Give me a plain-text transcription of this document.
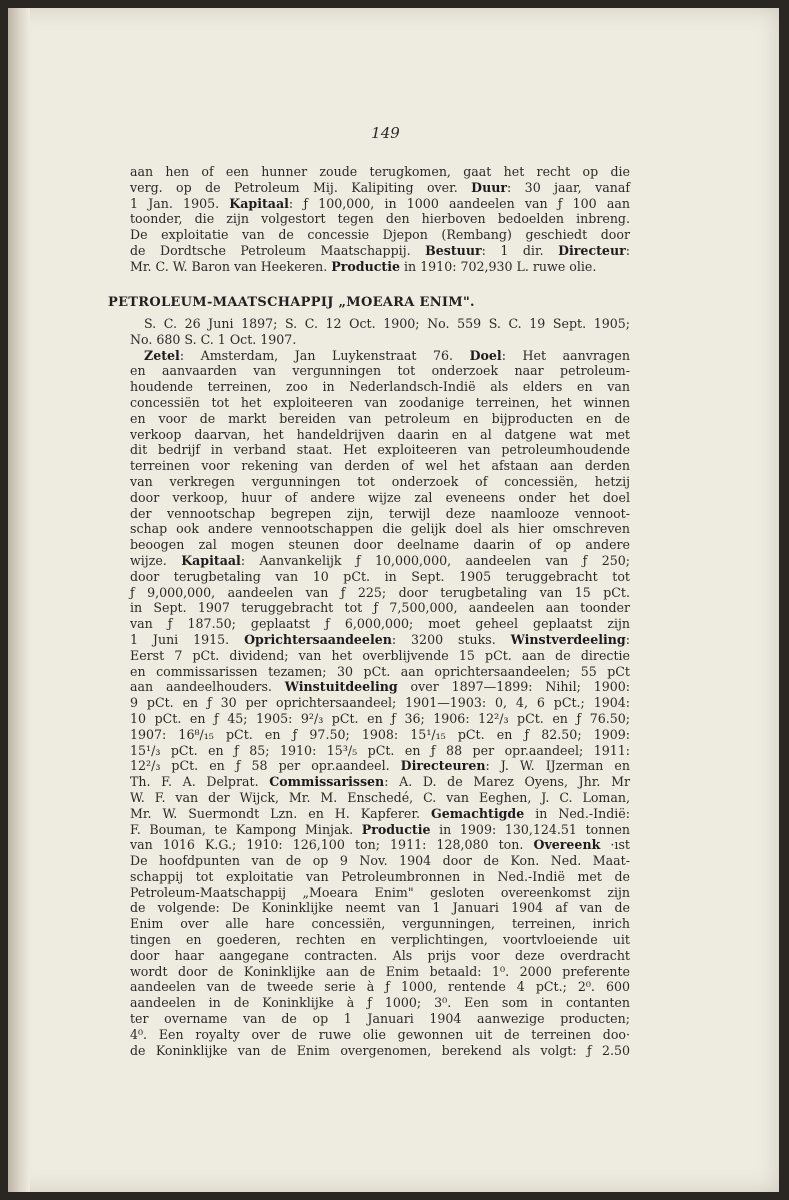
149
aan hen of een hunner zoude terugkomen, gaat het recht op die
verg. op de Petroleum Mij. Kalipiting over. Duur: 30 jaar, vanaf
1 Jan. 1905. Kapitaal: ƒ 100,000, in 1000 aandeelen van ƒ 100 aan
toonder, die zijn volgestort tegen den hierboven bedoelden inbreng.
De exploitatie van de concessie Djepon (Rembang) geschiedt door
de Dordtsche Petroleum Maatschappij. Bestuur: 1 dir. Directeur:
Mr. C. W. Baron van Heekeren. Productie in 1910: 702,930 L. ruwe olie.
PETROLEUM-MAATSCHAPPIJ „MOEARA ENIM".
S. C. 26 Juni 1897; S. C. 12 Oct. 1900; No. 559 S. C. 19 Sept. 1905;
No. 680 S. C. 1 Oct. 1907.
Zetel: Amsterdam, Jan Luykenstraat 76. Doel: Het aanvragen
en aanvaarden van vergunningen tot onderzoek naar petroleum-
houdende terreinen, zoo in Nederlandsch-Indië als elders en van
concessiën tot het exploiteeren van zoodanige terreinen, het winnen
en voor de markt bereiden van petroleum en bijproducten en de
verkoop daarvan, het handeldrijven daarin en al datgene wat met
dit bedrijf in verband staat. Het exploiteeren van petroleumhoudende
terreinen voor rekening van derden of wel het afstaan aan derden
van verkregen vergunningen tot onderzoek of concessiën, hetzij
door verkoop, huur of andere wijze zal eveneens onder het doel
der vennootschap begrepen zijn, terwijl deze naamlooze vennoot-
schap ook andere vennootschappen die gelijk doel als hier omschreven
beoogen zal mogen steunen door deelname daarin of op andere
wijze. Kapitaal: Aanvankelijk ƒ 10,000,000, aandeelen van ƒ 250;
door terugbetaling van 10 pCt. in Sept. 1905 teruggebracht tot
ƒ 9,000,000, aandeelen van ƒ 225; door terugbetaling van 15 pCt.
in Sept. 1907 teruggebracht tot ƒ 7,500,000, aandeelen aan toonder
van ƒ 187.50; geplaatst ƒ 6,000,000; moet geheel geplaatst zijn
1 Juni 1915. Oprichtersaandeelen: 3200 stuks. Winstverdeeling:
Eerst 7 pCt. dividend; van het overblijvende 15 pCt. aan de directie
en commissarissen tezamen; 30 pCt. aan oprichtersaandeelen; 55 pCt
aan aandeelhouders. Winstuitdeeling over 1897—1899: Nihil; 1900:
9 pCt. en ƒ 30 per oprichtersaandeel; 1901—1903: 0, 4, 6 pCt.; 1904:
10 pCt. en ƒ 45; 1905: 9²/₃ pCt. en ƒ 36; 1906: 12²/₃ pCt. en ƒ 76.50;
1907: 16⁸/₁₅ pCt. en ƒ 97.50; 1908: 15¹/₁₅ pCt. en ƒ 82.50; 1909:
15¹/₃ pCt. en ƒ 85; 1910: 15³/₅ pCt. en ƒ 88 per opr.aandeel; 1911:
12²/₃ pCt. en ƒ 58 per opr.aandeel. Directeuren: J. W. IJzerman en
Th. F. A. Delprat. Commissarissen: A. D. de Marez Oyens, Jhr. Mr
W. F. van der Wijck, Mr. M. Enschedé, C. van Eeghen, J. C. Loman,
Mr. W. Suermondt Lzn. en H. Kapferer. Gemachtigde in Ned.-Indië:
F. Bouman, te Kampong Minjak. Productie in 1909: 130,124.51 tonnen
van 1016 K.G.; 1910: 126,100 ton; 1911: 128,080 ton. Overeenk ·ıst
De hoofdpunten van de op 9 Nov. 1904 door de Kon. Ned. Maat-
schappij tot exploitatie van Petroleumbronnen in Ned.-Indië met de
Petroleum-Maatschappij „Moeara Enim" gesloten overeenkomst zijn
de volgende: De Koninklijke neemt van 1 Januari 1904 af van de
Enim over alle hare concessiën, vergunningen, terreinen, inrich
tingen en goederen, rechten en verplichtingen, voortvloeiende uit
door haar aangegane contracten. Als prijs voor deze overdracht
wordt door de Koninklijke aan de Enim betaald: 1⁰. 2000 preferente
aandeelen van de tweede serie à ƒ 1000, rentende 4 pCt.; 2⁰. 600
aandeelen in de Koninklijke à ƒ 1000; 3⁰. Een som in contanten
ter overname van de op 1 Januari 1904 aanwezige producten;
4⁰. Een royalty over de ruwe olie gewonnen uit de terreinen doo·
de Koninklijke van de Enim overgenomen, berekend als volgt: ƒ 2.50
